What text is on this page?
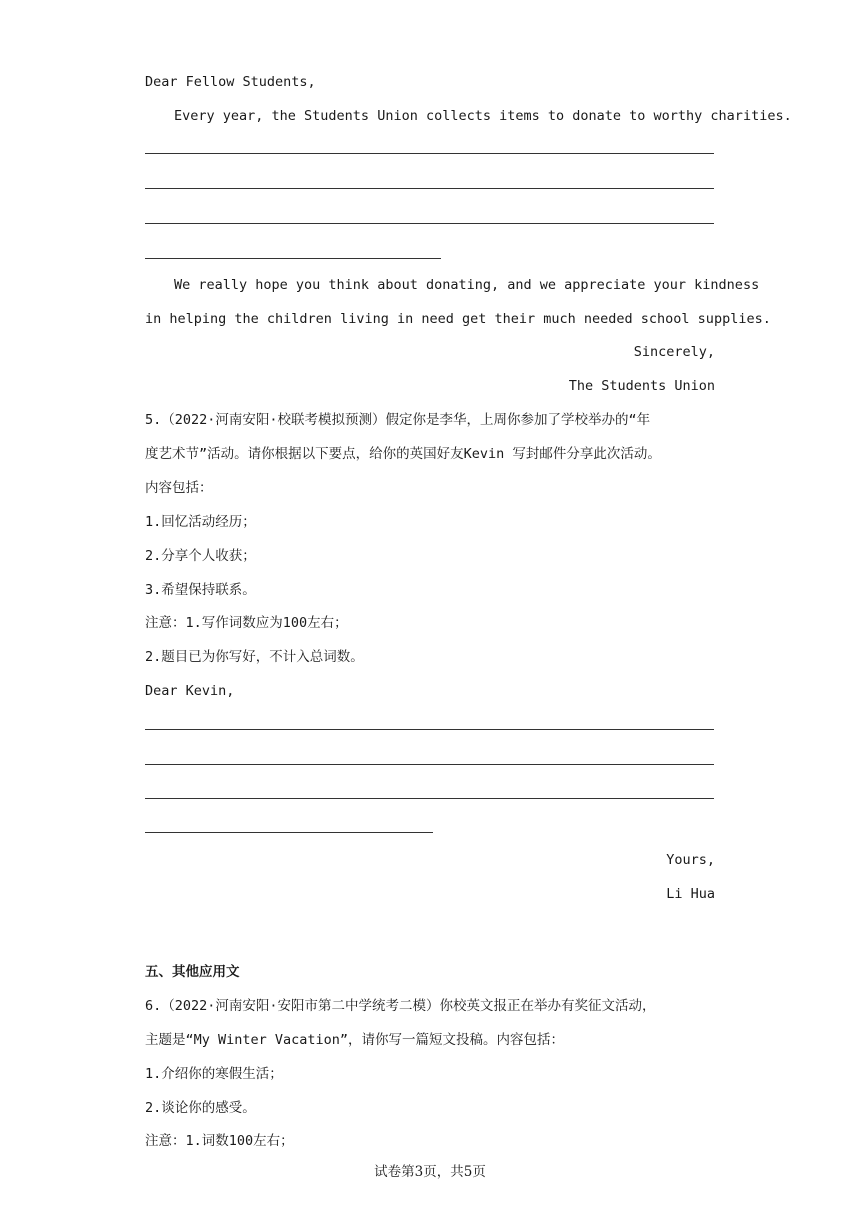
Dear Fellow Students,
Every year, the Students Union collects items to donate to worthy charities.
We really hope you think about donating, and we appreciate your kindness
in helping the children living in need get their much needed school supplies.
Sincerely,
The Students Union
5.（2022·河南安阳·校联考模拟预测）假定你是李华，上周你参加了学校举办的“年
度艺术节”活动。请你根据以下要点，给你的英国好友Kevin 写封邮件分享此次活动。
内容包括：
1.回忆活动经历；
2.分享个人收获；
3.希望保持联系。
注意：1.写作词数应为100左右；
2.题目已为你写好，不计入总词数。
Dear Kevin,
Yours,
Li Hua
五、其他应用文
6.（2022·河南安阳·安阳市第二中学统考二模）你校英文报正在举办有奖征文活动，
主题是“My Winter Vacation”，请你写一篇短文投稿。内容包括：
1.介绍你的寒假生活；
2.谈论你的感受。
注意：1.词数100左右；
试卷第3页，共5页
